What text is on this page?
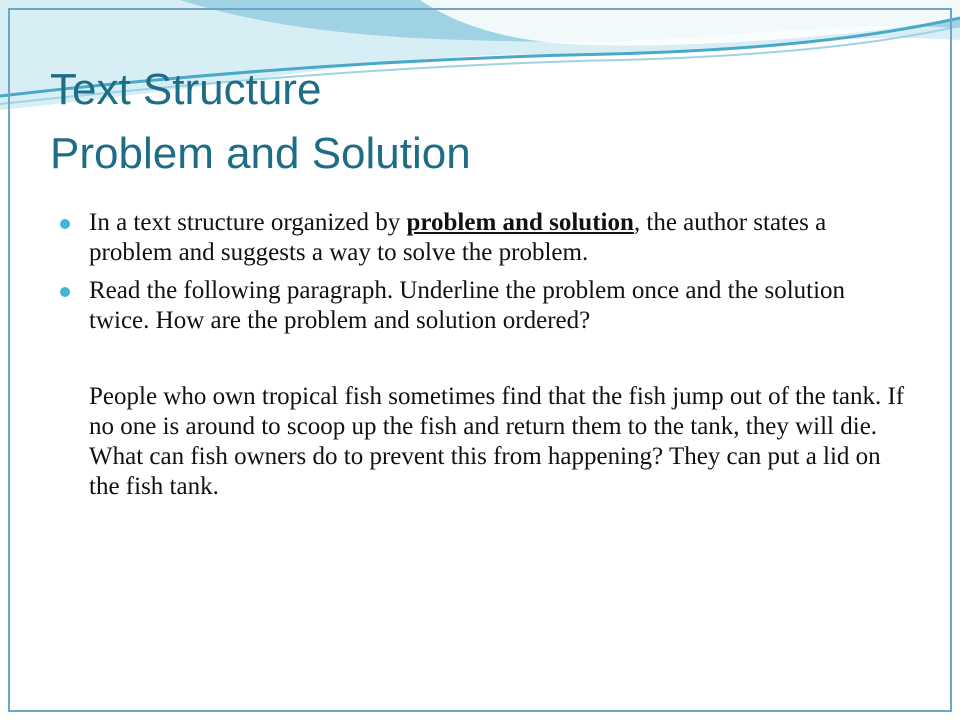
Text Structure
Problem and Solution
In a text structure organized by problem and solution, the author states a problem and suggests a way to solve the problem.
Read the following paragraph. Underline the problem once and the solution twice. How are the problem and solution ordered?

People who own tropical fish sometimes find that the fish jump out of the tank. If no one is around to scoop up the fish and return them to the tank, they will die. What can fish owners do to prevent this from happening? They can put a lid on the fish tank.
